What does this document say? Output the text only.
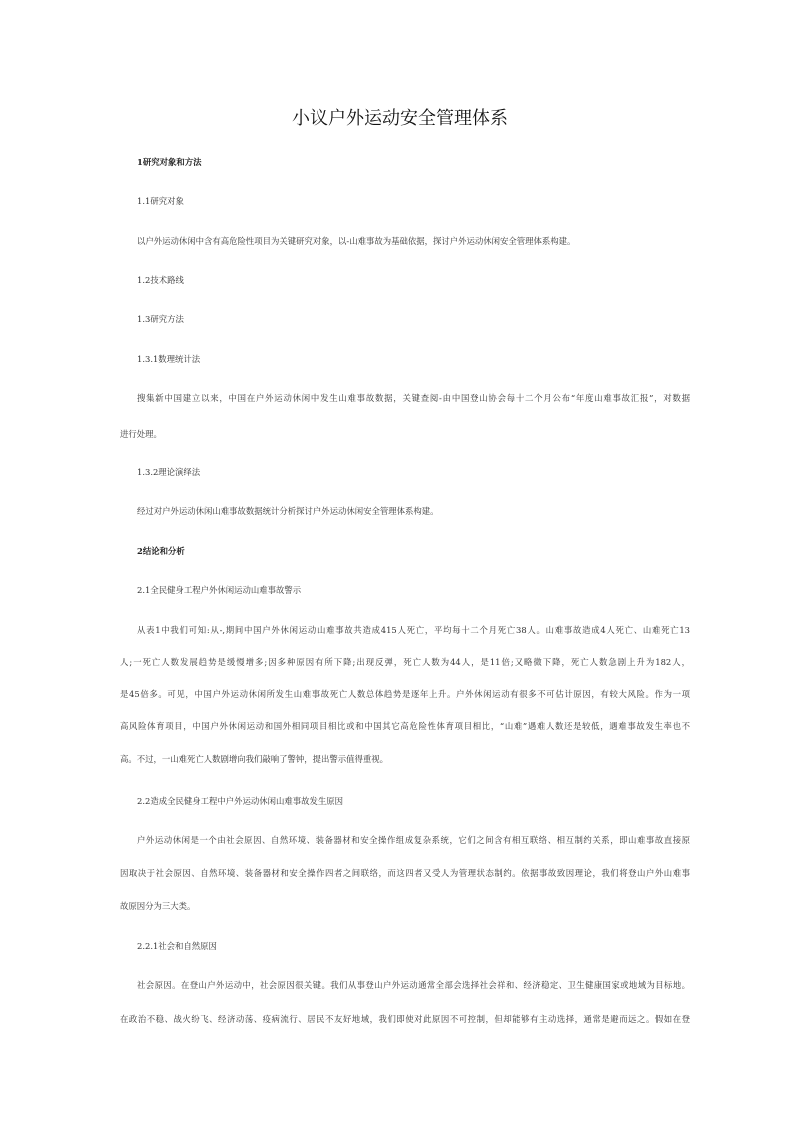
小议户外运动安全管理体系
1研究对象和方法
1.1研究对象
以户外运动休闲中含有高危险性项目为关键研究对象，以-山难事故为基础依据，探讨户外运动休闲安全管理体系构建。
1.2技术路线
1.3研究方法
1.3.1数理统计法
搜集新中国建立以来，中国在户外运动休闲中发生山难事故数据，关键查阅-由中国登山协会每十二个月公布“年度山难事故汇报”，对数据
进行处理。
1.3.2理论演绎法
经过对户外运动休闲山难事故数据统计分析探讨户外运动休闲安全管理体系构建。
2结论和分析
2.1全民健身工程户外休闲运动山难事故警示
从表1中我们可知:从-,期间中国户外休闲运动山难事故共造成415人死亡，平均每十二个月死亡38人。山难事故造成4人死亡、山难死亡13
人;一死亡人数发展趋势是缓慢增多;因多种原因有所下降;出现反弹，死亡人数为44人，是11倍;又略微下降，死亡人数急剧上升为182人，
是45倍多。可见，中国户外运动休闲所发生山难事故死亡人数总体趋势是逐年上升。户外休闲运动有很多不可估计原因，有较大风险。作为一项
高风险体育项目，中国户外休闲运动和国外相同项目相比或和中国其它高危险性体育项目相比，“山难”遇难人数还是较低，遇难事故发生率也不
高。不过，一山难死亡人数剧增向我们敲响了警钟，提出警示值得重视。
2.2造成全民健身工程中户外运动休闲山难事故发生原因
户外运动休闲是一个由社会原因、自然环境、装备器材和安全操作组成复杂系统，它们之间含有相互联络、相互制约关系，即山难事故直接原
因取决于社会原因、自然环境、装备器材和安全操作四者之间联络，而这四者又受人为管理状态制约。依据事故致因理论，我们将登山户外山难事
故原因分为三大类。
2.2.1社会和自然原因
社会原因。在登山户外运动中，社会原因很关键。我们从事登山户外运动通常全部会选择社会祥和、经济稳定、卫生健康国家或地域为目标地。
在政治不稳、战火纷飞、经济动荡、疫病流行、居民不友好地域，我们即使对此原因不可控制，但却能够有主动选择，通常是避而远之。假如在登
